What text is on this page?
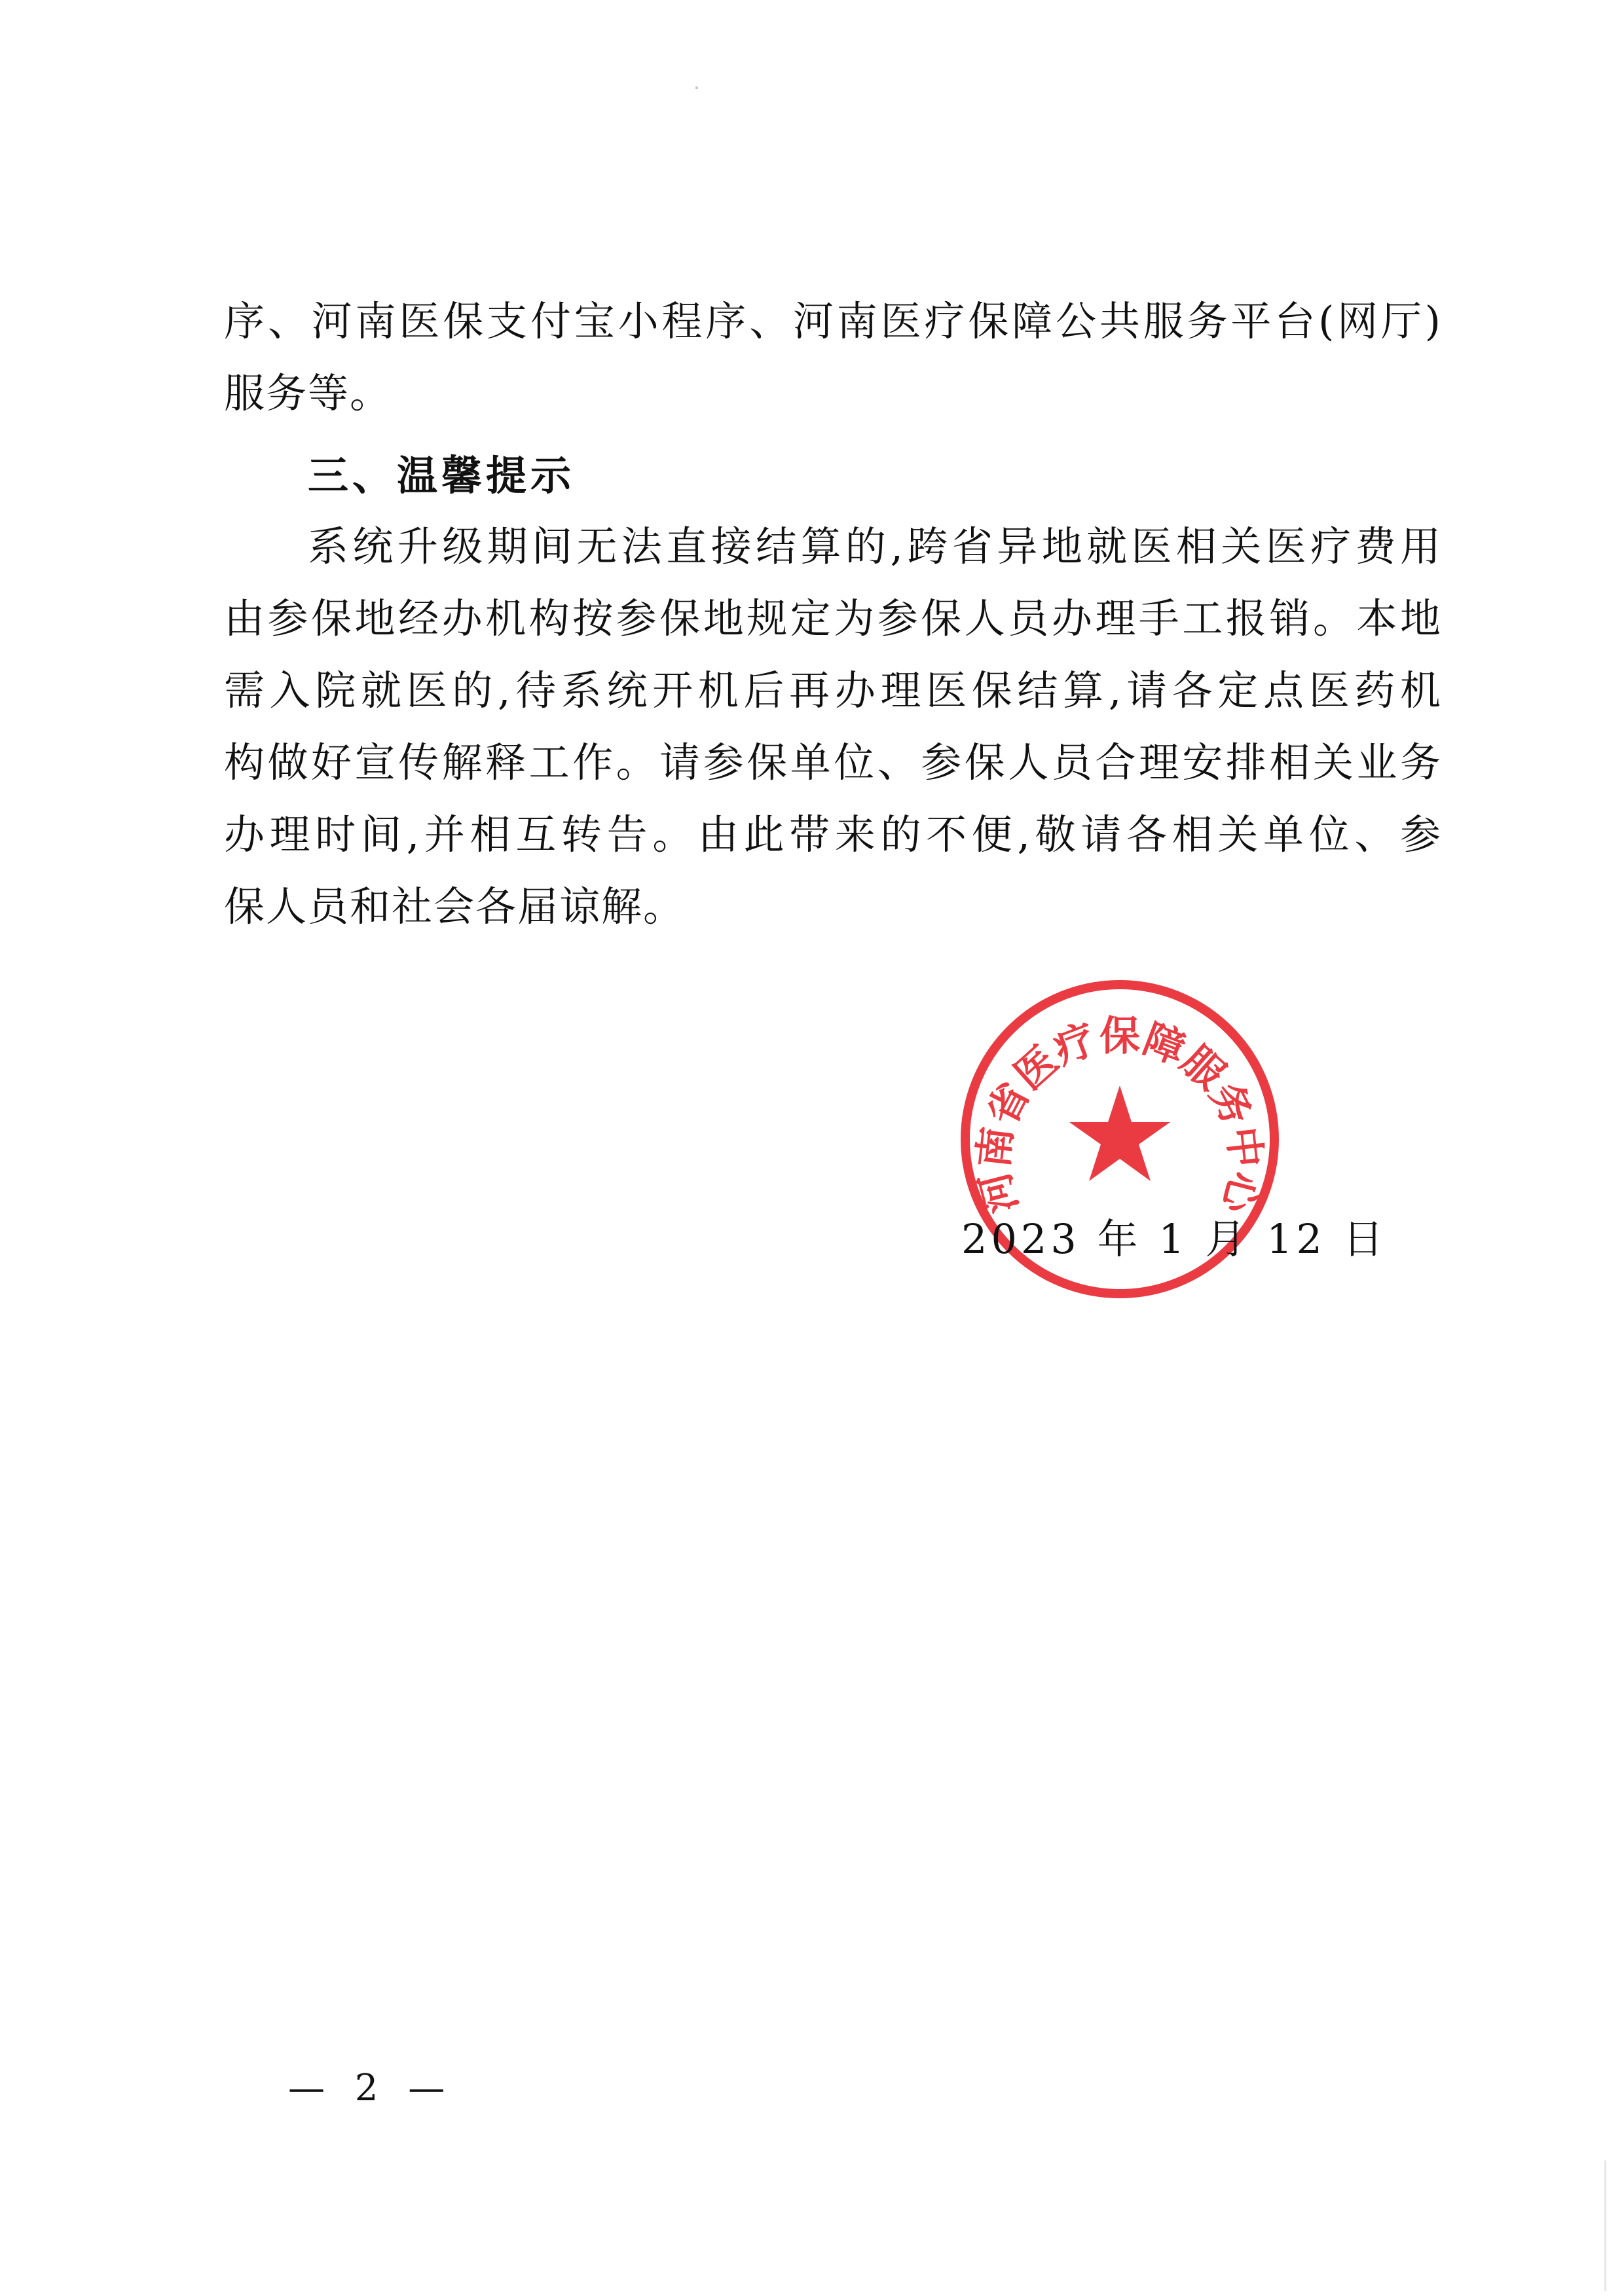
序、河南医保支付宝小程序、河南医疗保障公共服务平台(网厅)
服务等。
三、温馨提示
系统升级期间无法直接结算的,跨省异地就医相关医疗费用
由参保地经办机构按参保地规定为参保人员办理手工报销。本地
需入院就医的,待系统开机后再办理医保结算,请各定点医药机
构做好宣传解释工作。请参保单位、参保人员合理安排相关业务
办理时间,并相互转告。由此带来的不便,敬请各相关单位、参
保人员和社会各届谅解。
河南省医疗保障服务中心
2023 年 1 月 12 日
— 2 —
